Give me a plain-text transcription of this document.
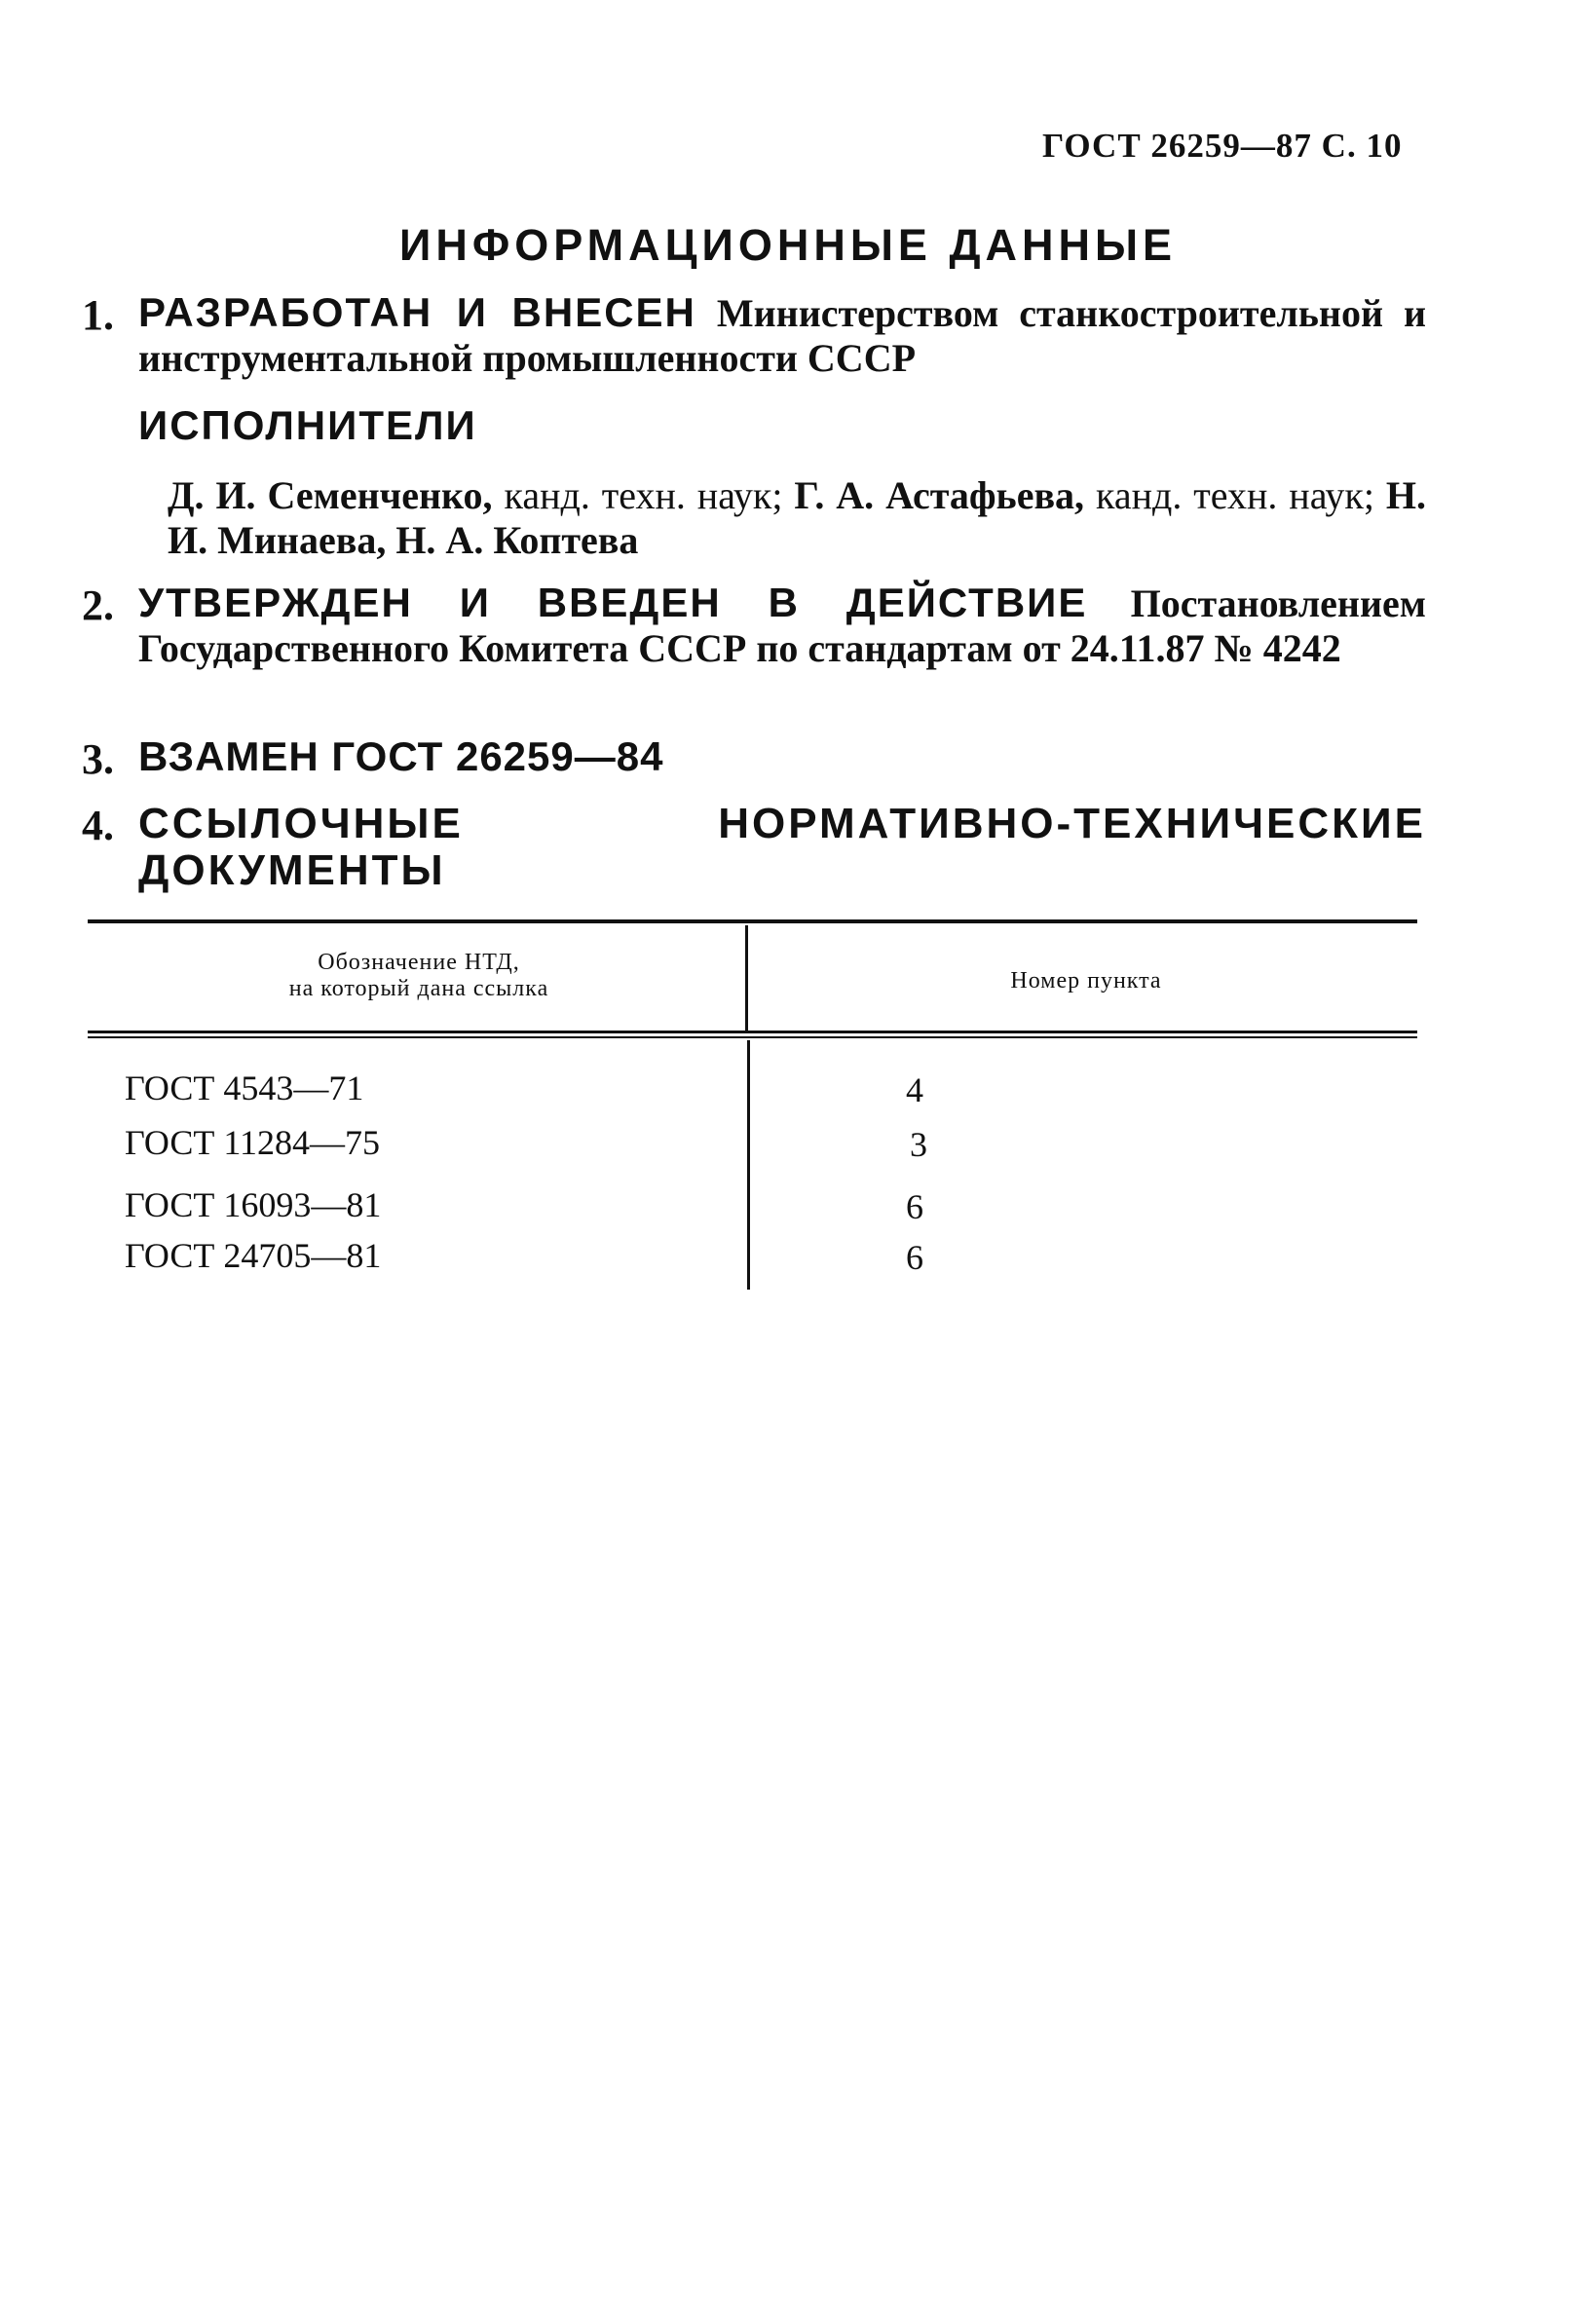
ГОСТ 26259—87 С. 10
ИНФОРМАЦИОННЫЕ ДАННЫЕ
1. РАЗРАБОТАН И ВНЕСЕН Министерством станкостроительной и инструментальной промышленности СССР
ИСПОЛНИТЕЛИ
Д. И. Семенченко, канд. техн. наук; Г. А. Астафьева, канд. техн. наук; Н. И. Минаева, Н. А. Коптева
2. УТВЕРЖДЕН И ВВЕДЕН В ДЕЙСТВИЕ Постановлением Государственного Комитета СССР по стандартам от 24.11.87 № 4242
3. ВЗАМЕН ГОСТ 26259—84
4. ССЫЛОЧНЫЕ НОРМАТИВНО-ТЕХНИЧЕСКИЕ ДОКУМЕНТЫ
Обозначение НТД,
на который дана ссылка	Номер пункта
ГОСТ 4543—71	4
ГОСТ 11284—75	3
ГОСТ 16093—81	6
ГОСТ 24705—81	6
